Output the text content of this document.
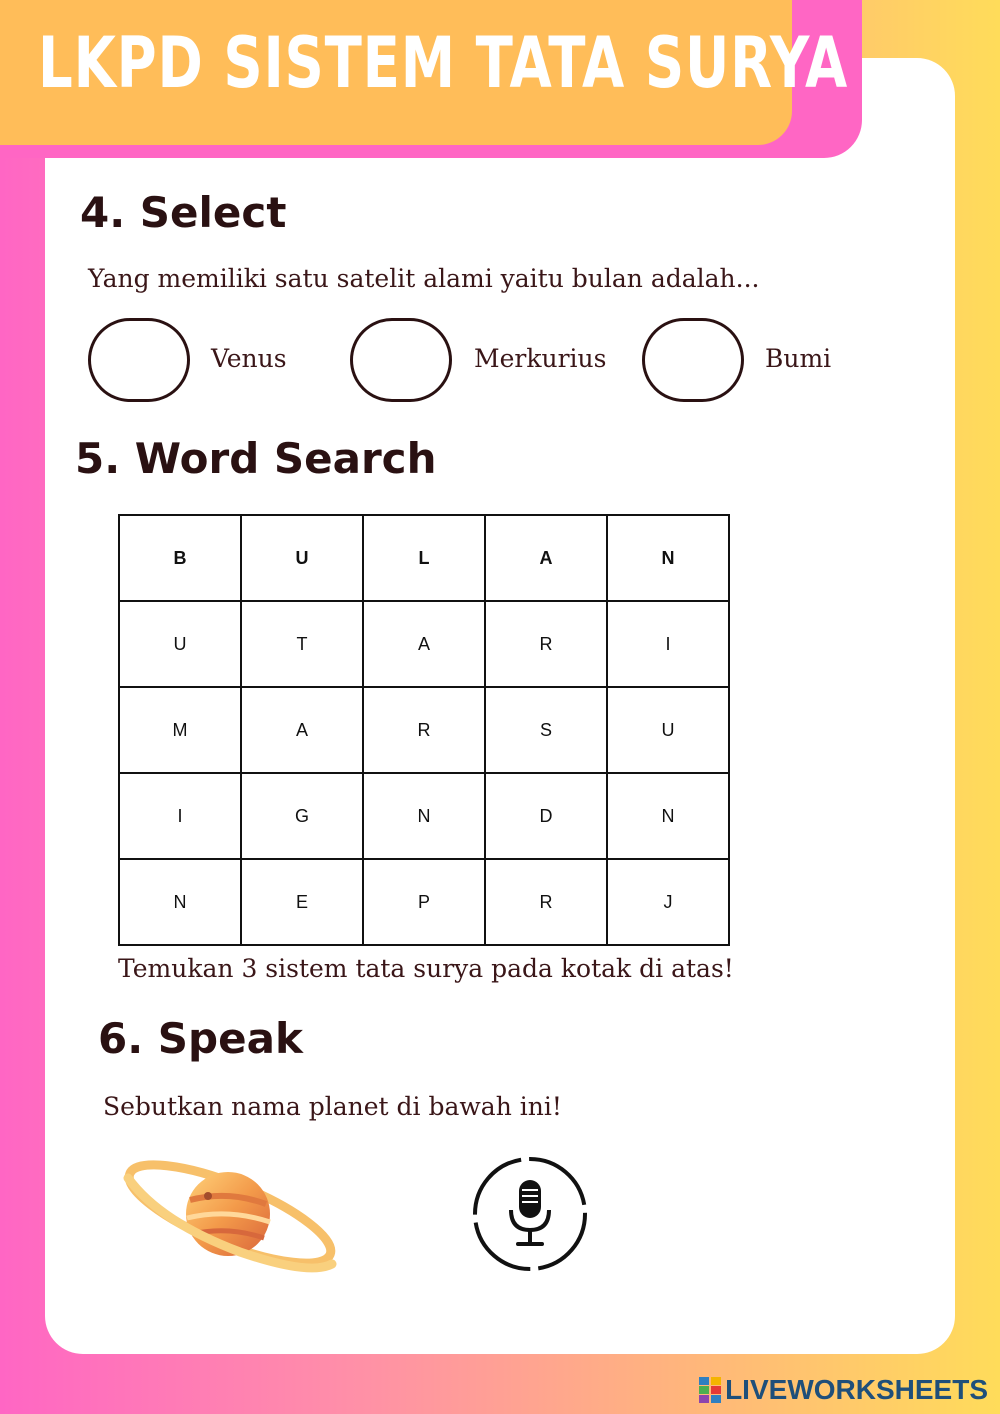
LKPD SISTEM TATA SURYA
4. Select

Yang memiliki satu satelit alami yaitu bulan adalah...

Venus	Merkurius	Bumi

5. Word Search
B	U	L	A	N
U	T	A	R	I
M	A	R	S	U
I	G	N	D	N
N	E	P	R	J

Temukan 3 sistem tata surya pada kotak di atas!

6. Speak

Sebutkan nama planet di bawah ini!

LIVEWORKSHEETS
